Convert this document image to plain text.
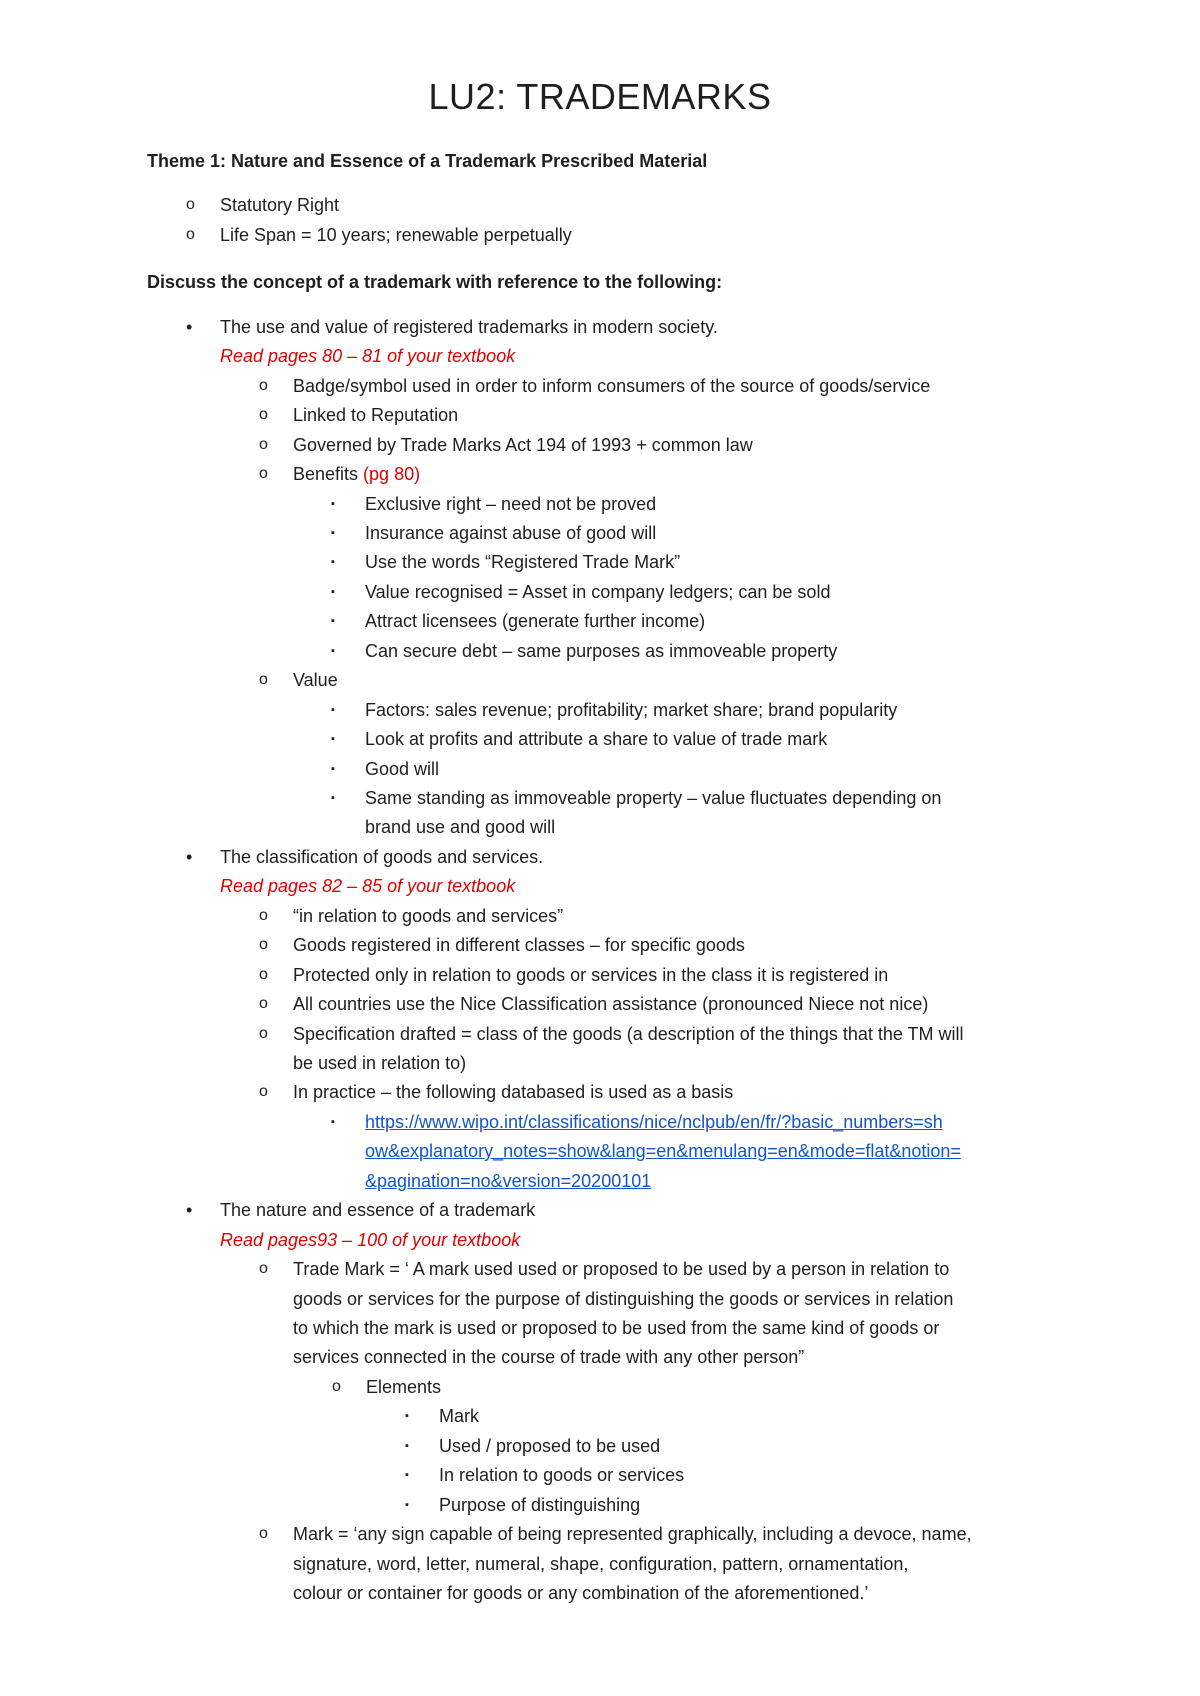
LU2: TRADEMARKS
Theme 1: Nature and Essence of a Trademark Prescribed Material
o Statutory Right
o Life Span = 10 years; renewable perpetually
Discuss the concept of a trademark with reference to the following:
• The use and value of registered trademarks in modern society.
Read pages 80 – 81 of your textbook
o Badge/symbol used in order to inform consumers of the source of goods/service
o Linked to Reputation
o Governed by Trade Marks Act 194 of 1993 + common law
o Benefits (pg 80)
▪ Exclusive right – need not be proved
▪ Insurance against abuse of good will
▪ Use the words “Registered Trade Mark”
▪ Value recognised = Asset in company ledgers; can be sold
▪ Attract licensees (generate further income)
▪ Can secure debt – same purposes as immoveable property
o Value
▪ Factors: sales revenue; profitability; market share; brand popularity
▪ Look at profits and attribute a share to value of trade mark
▪ Good will
▪ Same standing as immoveable property – value fluctuates depending on
brand use and good will
• The classification of goods and services.
Read pages 82 – 85 of your textbook
o “in relation to goods and services”
o Goods registered in different classes – for specific goods
o Protected only in relation to goods or services in the class it is registered in
o All countries use the Nice Classification assistance (pronounced Niece not nice)
o Specification drafted = class of the goods (a description of the things that the TM will
be used in relation to)
o In practice – the following databased is used as a basis
▪ https://www.wipo.int/classifications/nice/nclpub/en/fr/?basic_numbers=sh
ow&explanatory_notes=show&lang=en&menulang=en&mode=flat&notion=
&pagination=no&version=20200101
• The nature and essence of a trademark
Read pages93 – 100 of your textbook
o Trade Mark = ‘ A mark used used or proposed to be used by a person in relation to
goods or services for the purpose of distinguishing the goods or services in relation
to which the mark is used or proposed to be used from the same kind of goods or
services connected in the course of trade with any other person”
o Elements
▪ Mark
▪ Used / proposed to be used
▪ In relation to goods or services
▪ Purpose of distinguishing
o Mark = ‘any sign capable of being represented graphically, including a devoce, name,
signature, word, letter, numeral, shape, configuration, pattern, ornamentation,
colour or container for goods or any combination of the aforementioned.’
